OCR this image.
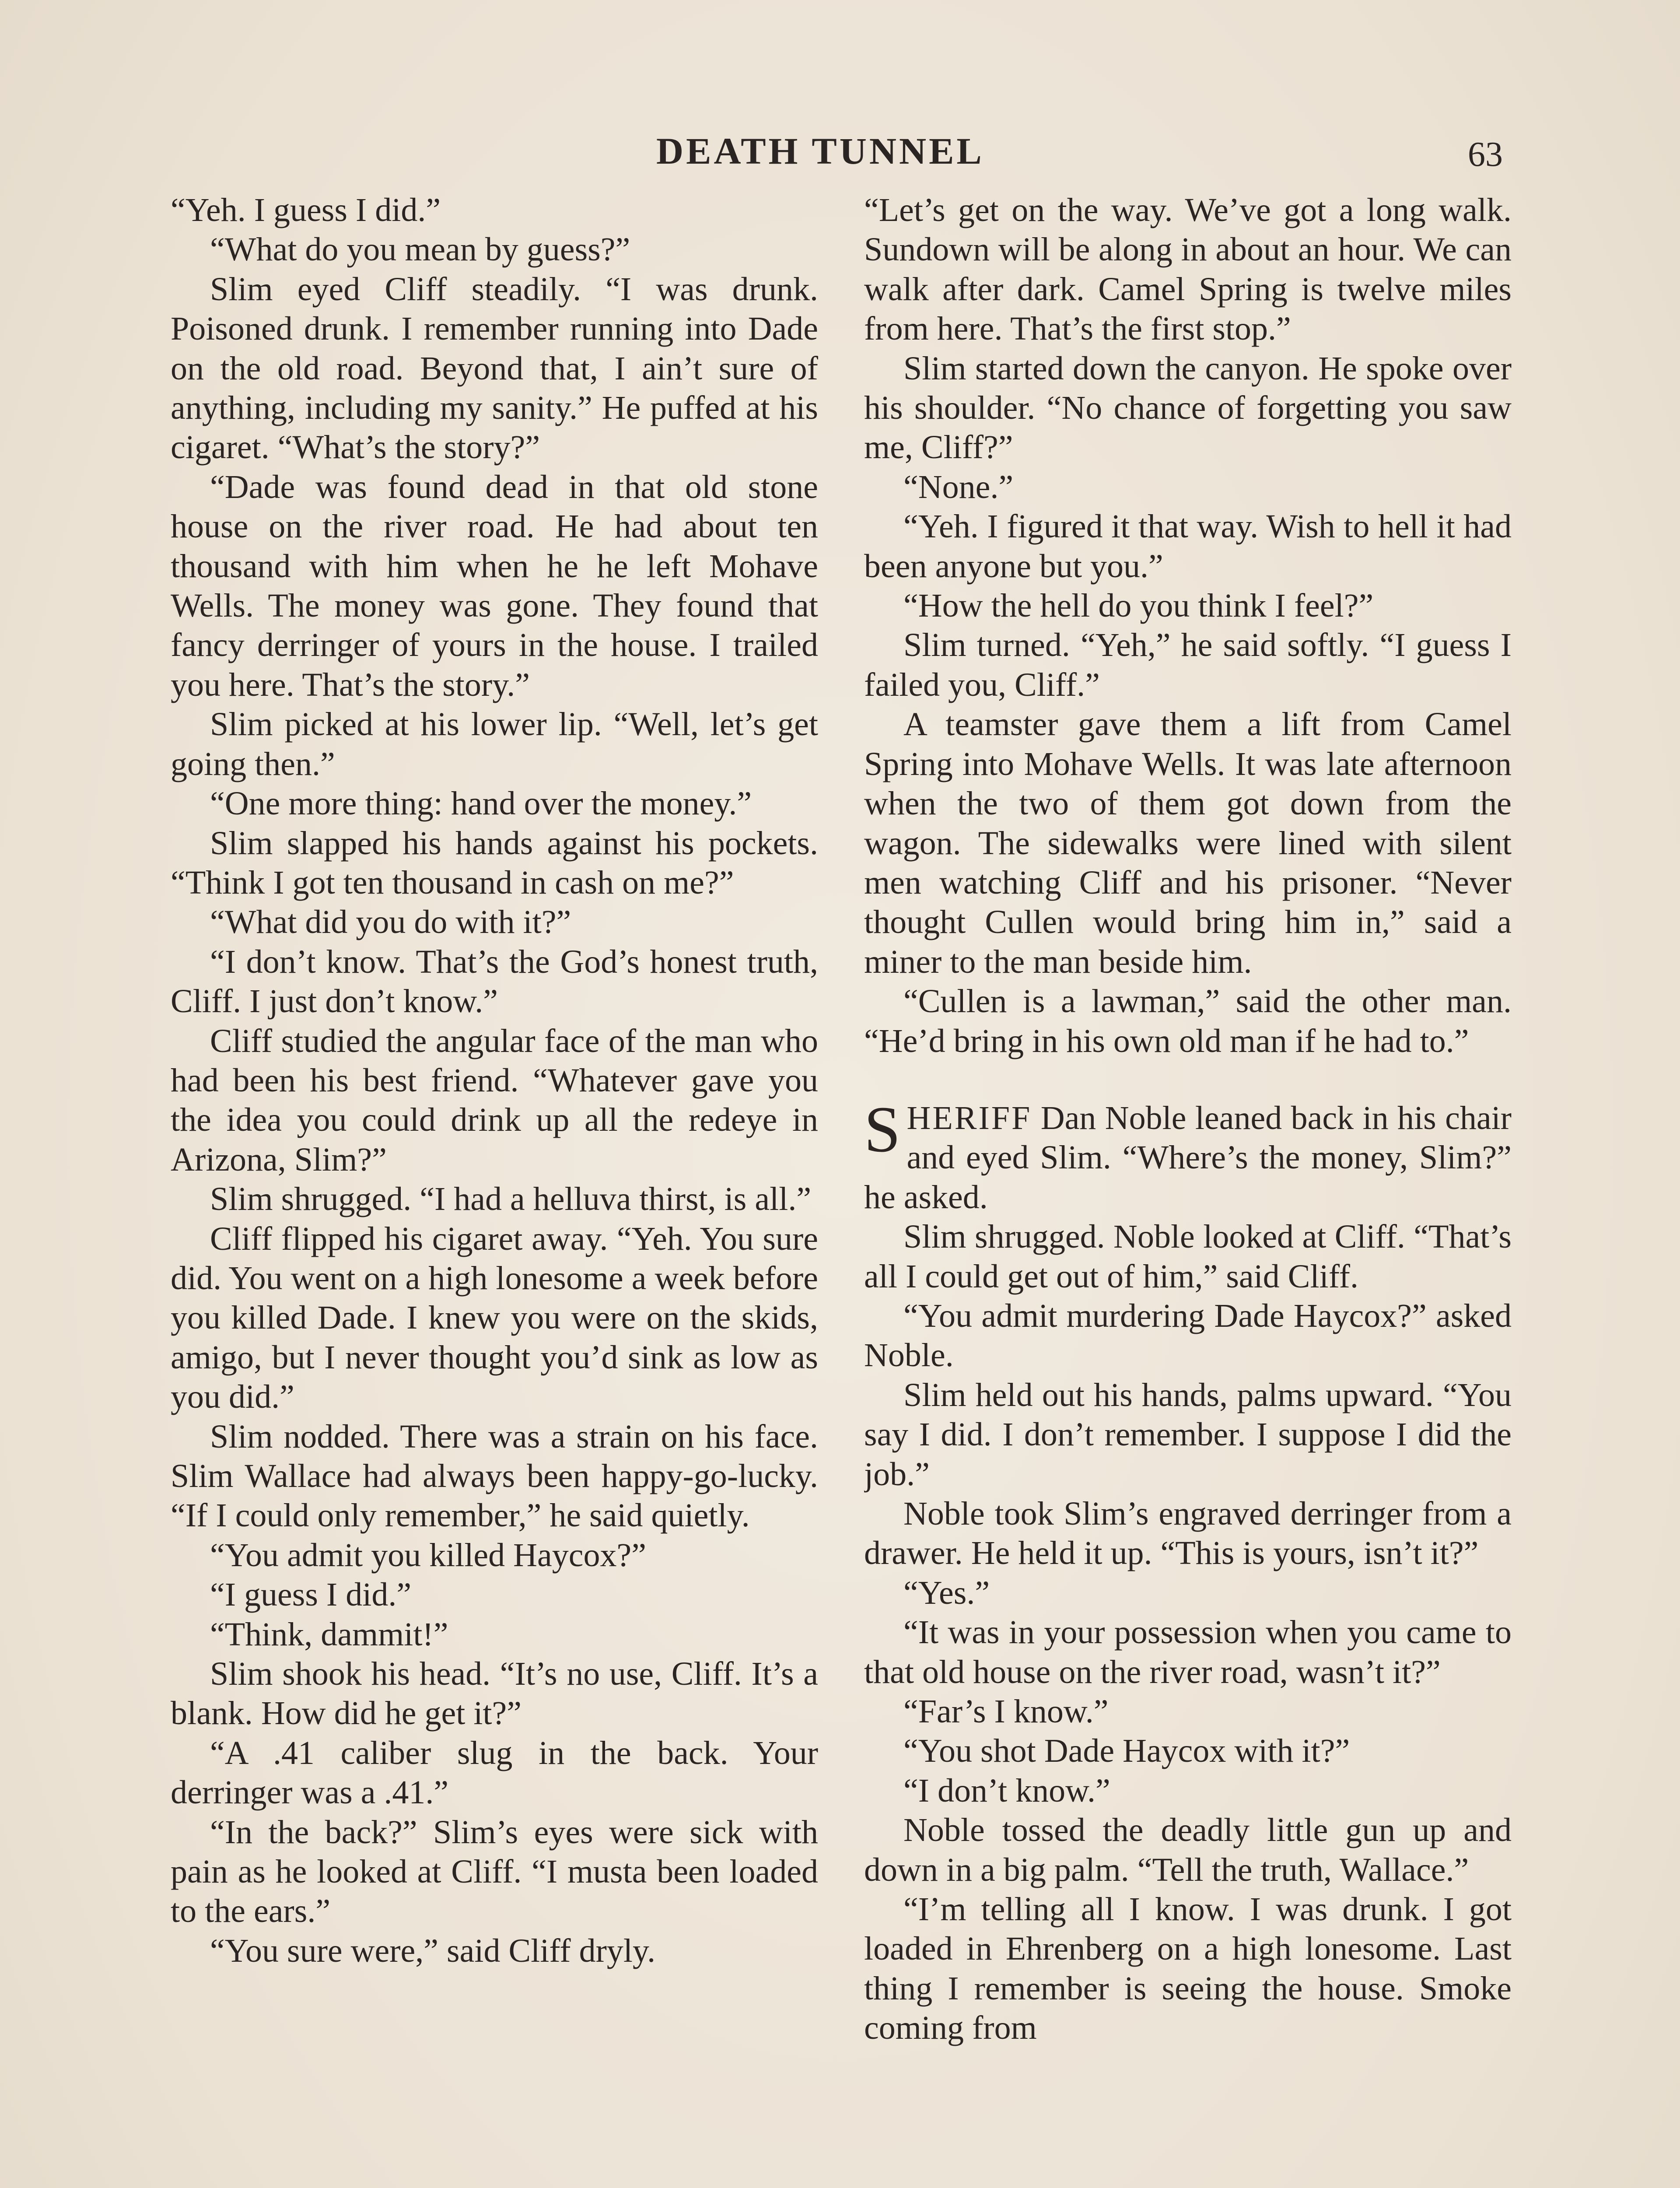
DEATH TUNNEL	63

“Yeh. I guess I did.”

“What do you mean by guess?”

Slim eyed Cliff steadily. “I was drunk. Poisoned drunk. I remember running into Dade on the old road. Beyond that, I ain’t sure of anything, including my sanity.” He puffed at his cigaret. “What’s the story?”

“Dade was found dead in that old stone house on the river road. He had about ten thousand with him when he he left Mohave Wells. The money was gone. They found that fancy derringer of yours in the house. I trailed you here. That’s the story.”

Slim picked at his lower lip. “Well, let’s get going then.”

“One more thing: hand over the money.”

Slim slapped his hands against his pockets. “Think I got ten thousand in cash on me?”

“What did you do with it?”

“I don’t know. That’s the God’s honest truth, Cliff. I just don’t know.”

Cliff studied the angular face of the man who had been his best friend. “Whatever gave you the idea you could drink up all the redeye in Arizona, Slim?”

Slim shrugged. “I had a helluva thirst, is all.”

Cliff flipped his cigaret away. “Yeh. You sure did. You went on a high lonesome a week before you killed Dade. I knew you were on the skids, amigo, but I never thought you’d sink as low as you did.”

Slim nodded. There was a strain on his face. Slim Wallace had always been happy-go-lucky. “If I could only remember,” he said quietly.

“You admit you killed Haycox?”

“I guess I did.”

“Think, dammit!”

Slim shook his head. “It’s no use, Cliff. It’s a blank. How did he get it?”

“A .41 caliber slug in the back. Your derringer was a .41.”

“In the back?” Slim’s eyes were sick with pain as he looked at Cliff. “I musta been loaded to the ears.”

“You sure were,” said Cliff dryly.

“Let’s get on the way. We’ve got a long walk. Sundown will be along in about an hour. We can walk after dark. Camel Spring is twelve miles from here. That’s the first stop.”

Slim started down the canyon. He spoke over his shoulder. “No chance of forgetting you saw me, Cliff?”

“None.”

“Yeh. I figured it that way. Wish to hell it had been anyone but you.”

“How the hell do you think I feel?”

Slim turned. “Yeh,” he said softly. “I guess I failed you, Cliff.”

A teamster gave them a lift from Camel Spring into Mohave Wells. It was late afternoon when the two of them got down from the wagon. The sidewalks were lined with silent men watching Cliff and his prisoner. “Never thought Cullen would bring him in,” said a miner to the man beside him.

“Cullen is a lawman,” said the other man. “He’d bring in his own old man if he had to.”

SHERIFF Dan Noble leaned back in his chair and eyed Slim. “Where’s the money, Slim?” he asked.

Slim shrugged. Noble looked at Cliff. “That’s all I could get out of him,” said Cliff.

“You admit murdering Dade Haycox?” asked Noble.

Slim held out his hands, palms upward. “You say I did. I don’t remember. I suppose I did the job.”

Noble took Slim’s engraved derringer from a drawer. He held it up. “This is yours, isn’t it?”

“Yes.”

“It was in your possession when you came to that old house on the river road, wasn’t it?”

“Far’s I know.”

“You shot Dade Haycox with it?”

“I don’t know.”

Noble tossed the deadly little gun up and down in a big palm. “Tell the truth, Wallace.”

“I’m telling all I know. I was drunk. I got loaded in Ehrenberg on a high lonesome. Last thing I remember is seeing the house. Smoke coming from
